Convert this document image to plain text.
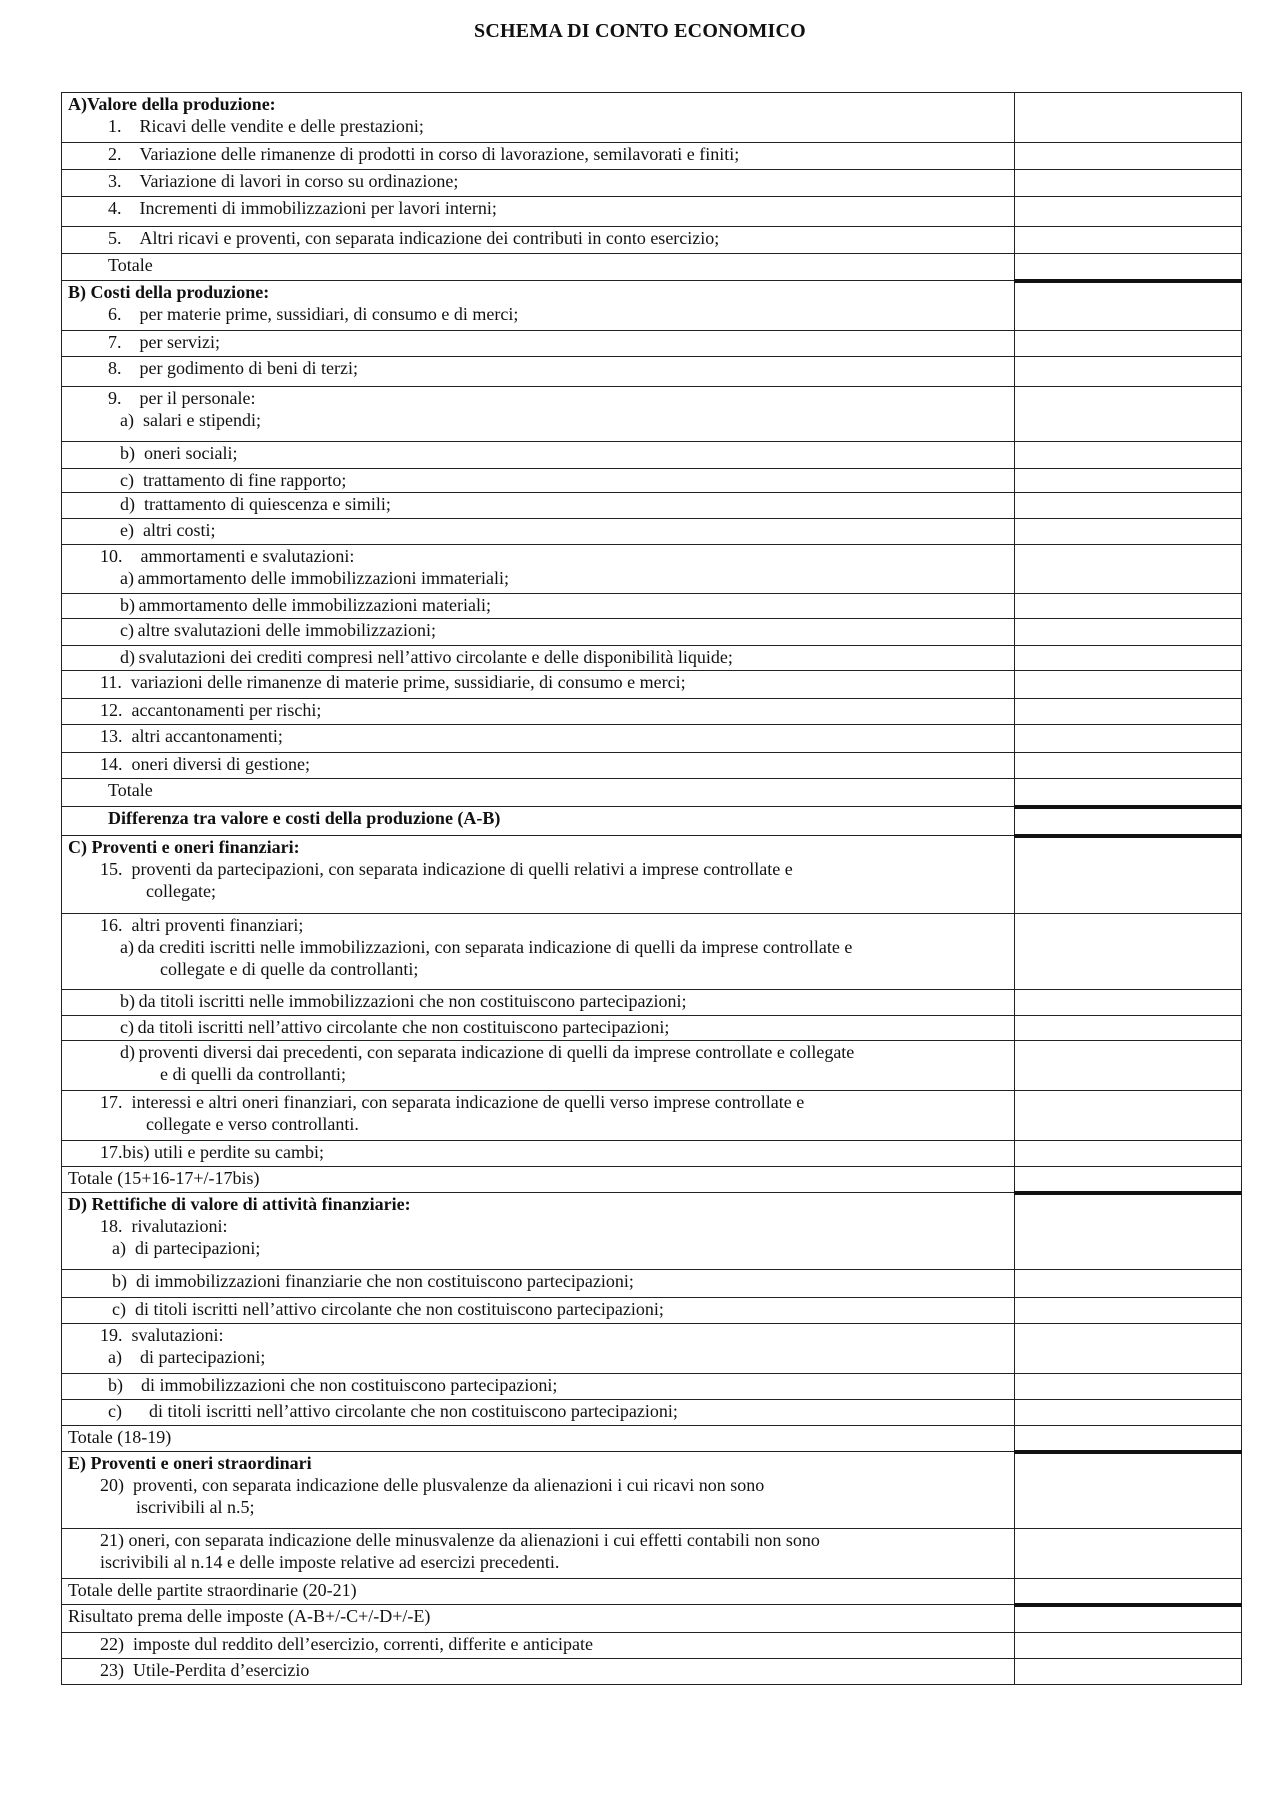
SCHEMA DI CONTO ECONOMICO
A)Valore della produzione:
1. Ricavi delle vendite e delle prestazioni;	

2. Variazione delle rimanenze di prodotti in corso di lavorazione, semilavorati e finiti;	

3. Variazione di lavori in corso su ordinazione;	

4. Incrementi di immobilizzazioni per lavori interni;	

5. Altri ricavi e proventi, con separata indicazione dei contributi in conto esercizio;	

Totale	

B) Costi della produzione:
6. per materie prime, sussidiari, di consumo e di merci;	

7. per servizi;	

8. per godimento di beni di terzi;	

9. per il personale:
a) salari e stipendi;	

b) oneri sociali;	

c) trattamento di fine rapporto;	

d) trattamento di quiescenza e simili;	

e) altri costi;	

10. ammortamenti e svalutazioni:
a) ammortamento delle immobilizzazioni immateriali;	

b) ammortamento delle immobilizzazioni materiali;	

c) altre svalutazioni delle immobilizzazioni;	

d) svalutazioni dei crediti compresi nell’attivo circolante e delle disponibilità liquide;	

11. variazioni delle rimanenze di materie prime, sussidiarie, di consumo e merci;	

12. accantonamenti per rischi;	

13. altri accantonamenti;	

14. oneri diversi di gestione;	

Totale	

Differenza tra valore e costi della produzione (A-B)	

C) Proventi e oneri finanziari:
15. proventi da partecipazioni, con separata indicazione di quelli relativi a imprese controllate e
collegate;	

16. altri proventi finanziari;
a) da crediti iscritti nelle immobilizzazioni, con separata indicazione di quelli da imprese controllate e
collegate e di quelle da controllanti;	

b) da titoli iscritti nelle immobilizzazioni che non costituiscono partecipazioni;	

c) da titoli iscritti nell’attivo circolante che non costituiscono partecipazioni;	

d) proventi diversi dai precedenti, con separata indicazione di quelli da imprese controllate e collegate
e di quelli da controllanti;	

17. interessi e altri oneri finanziari, con separata indicazione de quelli verso imprese controllate e
collegate e verso controllanti.	

17.bis) utili e perdite su cambi;	

Totale (15+16-17+/-17bis)	

D) Rettifiche di valore di attività finanziarie:
18. rivalutazioni:
a) di partecipazioni;	

b) di immobilizzazioni finanziarie che non costituiscono partecipazioni;	

c) di titoli iscritti nell’attivo circolante che non costituiscono partecipazioni;	

19. svalutazioni:
a) di partecipazioni;	

b) di immobilizzazioni che non costituiscono partecipazioni;	

c)  di titoli iscritti nell’attivo circolante che non costituiscono partecipazioni;	

Totale (18-19)	

E) Proventi e oneri straordinari
20) proventi, con separata indicazione delle plusvalenze da alienazioni i cui ricavi non sono
iscrivibili al n.5;	

21) oneri, con separata indicazione delle minusvalenze da alienazioni i cui effetti contabili non sono
iscrivibili al n.14 e delle imposte relative ad esercizi precedenti.	

Totale delle partite straordinarie (20-21)	

Risultato prema delle imposte (A-B+/-C+/-D+/-E)	

22) imposte dul reddito dell’esercizio, correnti, differite e anticipate	

23) Utile-Perdita d’esercizio	
